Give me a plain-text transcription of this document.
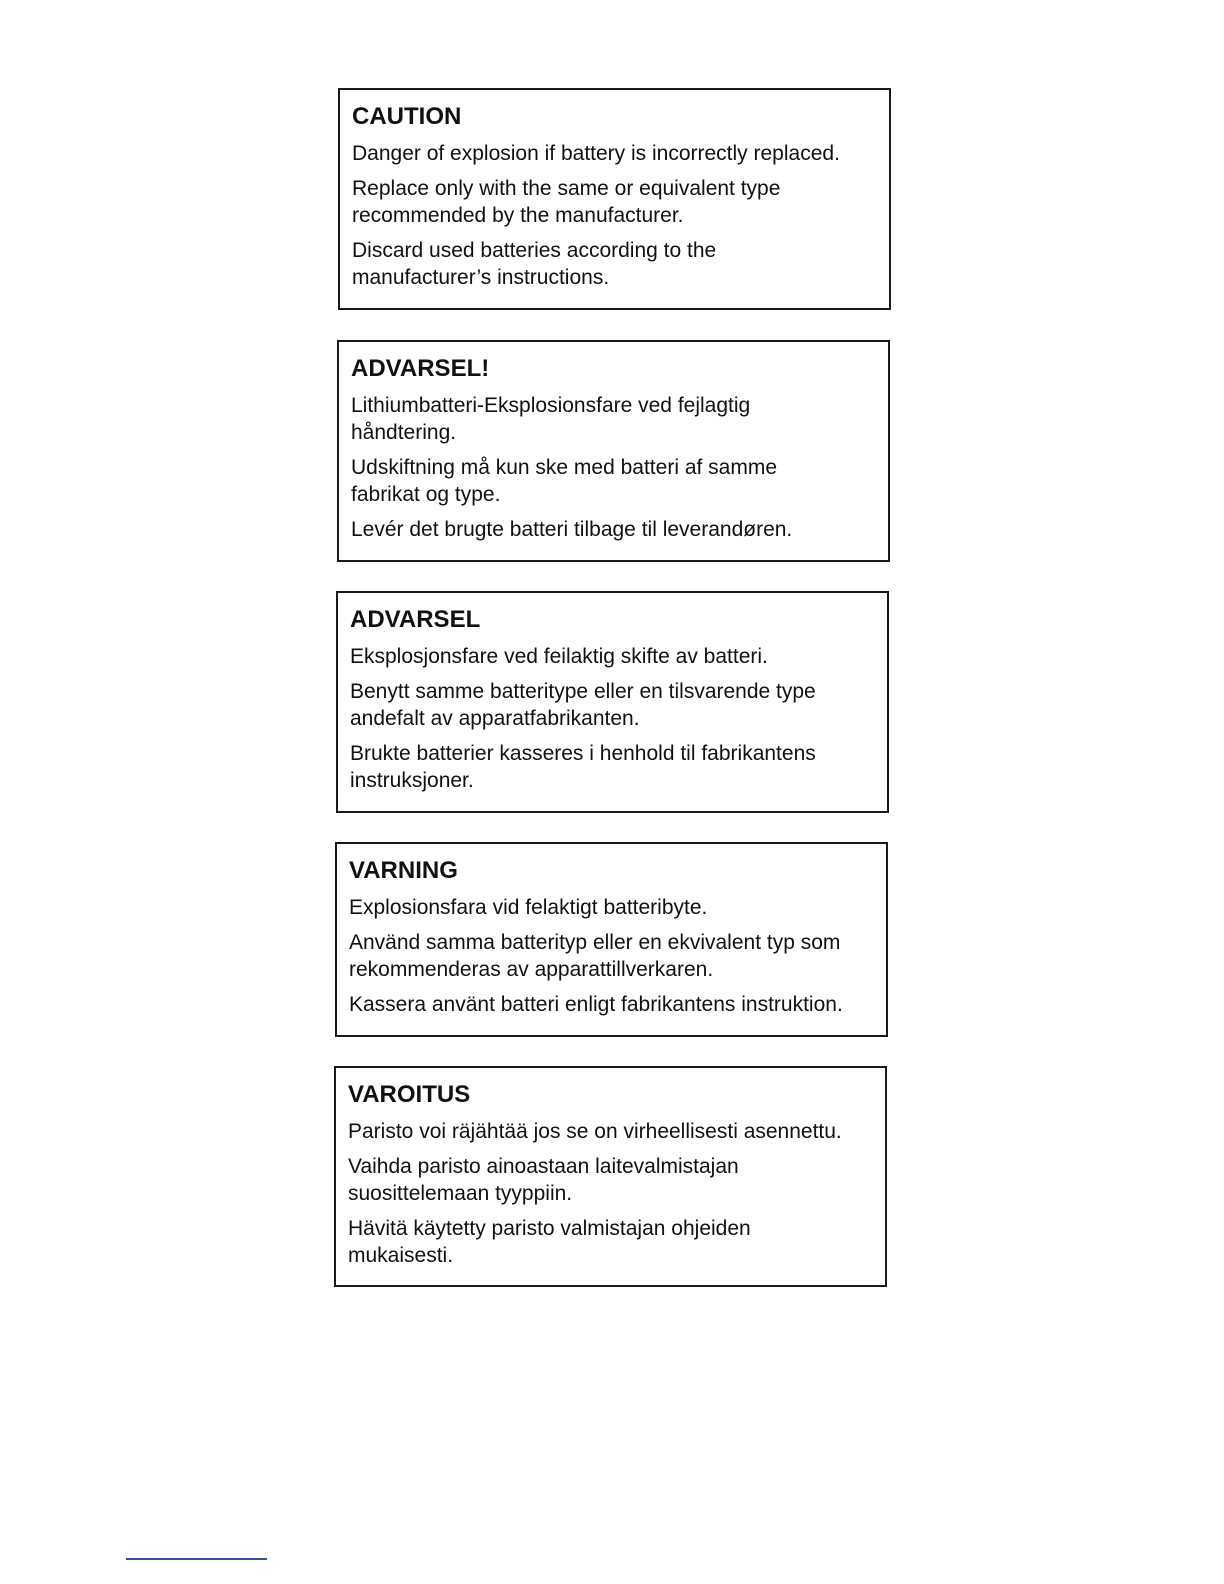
CAUTION

Danger of explosion if battery is incorrectly replaced.

Replace only with the same or equivalent type recommended by the manufacturer.

Discard used batteries according to the manufacturer’s instructions.

ADVARSEL!

Lithiumbatteri-Eksplosionsfare ved fejlagtig håndtering.

Udskiftning må kun ske med batteri af samme fabrikat og type.

Levér det brugte batteri tilbage til leverandøren.

ADVARSEL

Eksplosjonsfare ved feilaktig skifte av batteri.

Benytt samme batteritype eller en tilsvarende type andefalt av apparatfabrikanten.

Brukte batterier kasseres i henhold til fabrikantens instruksjoner.

VARNING

Explosionsfara vid felaktigt batteribyte.

Använd samma batterityp eller en ekvivalent typ som rekommenderas av apparattillverkaren.

Kassera använt batteri enligt fabrikantens instruktion.

VAROITUS

Paristo voi räjähtää jos se on virheellisesti asennettu.

Vaihda paristo ainoastaan laitevalmistajan suosittelemaan tyyppiin.

Hävitä käytetty paristo valmistajan ohjeiden mukaisesti.
